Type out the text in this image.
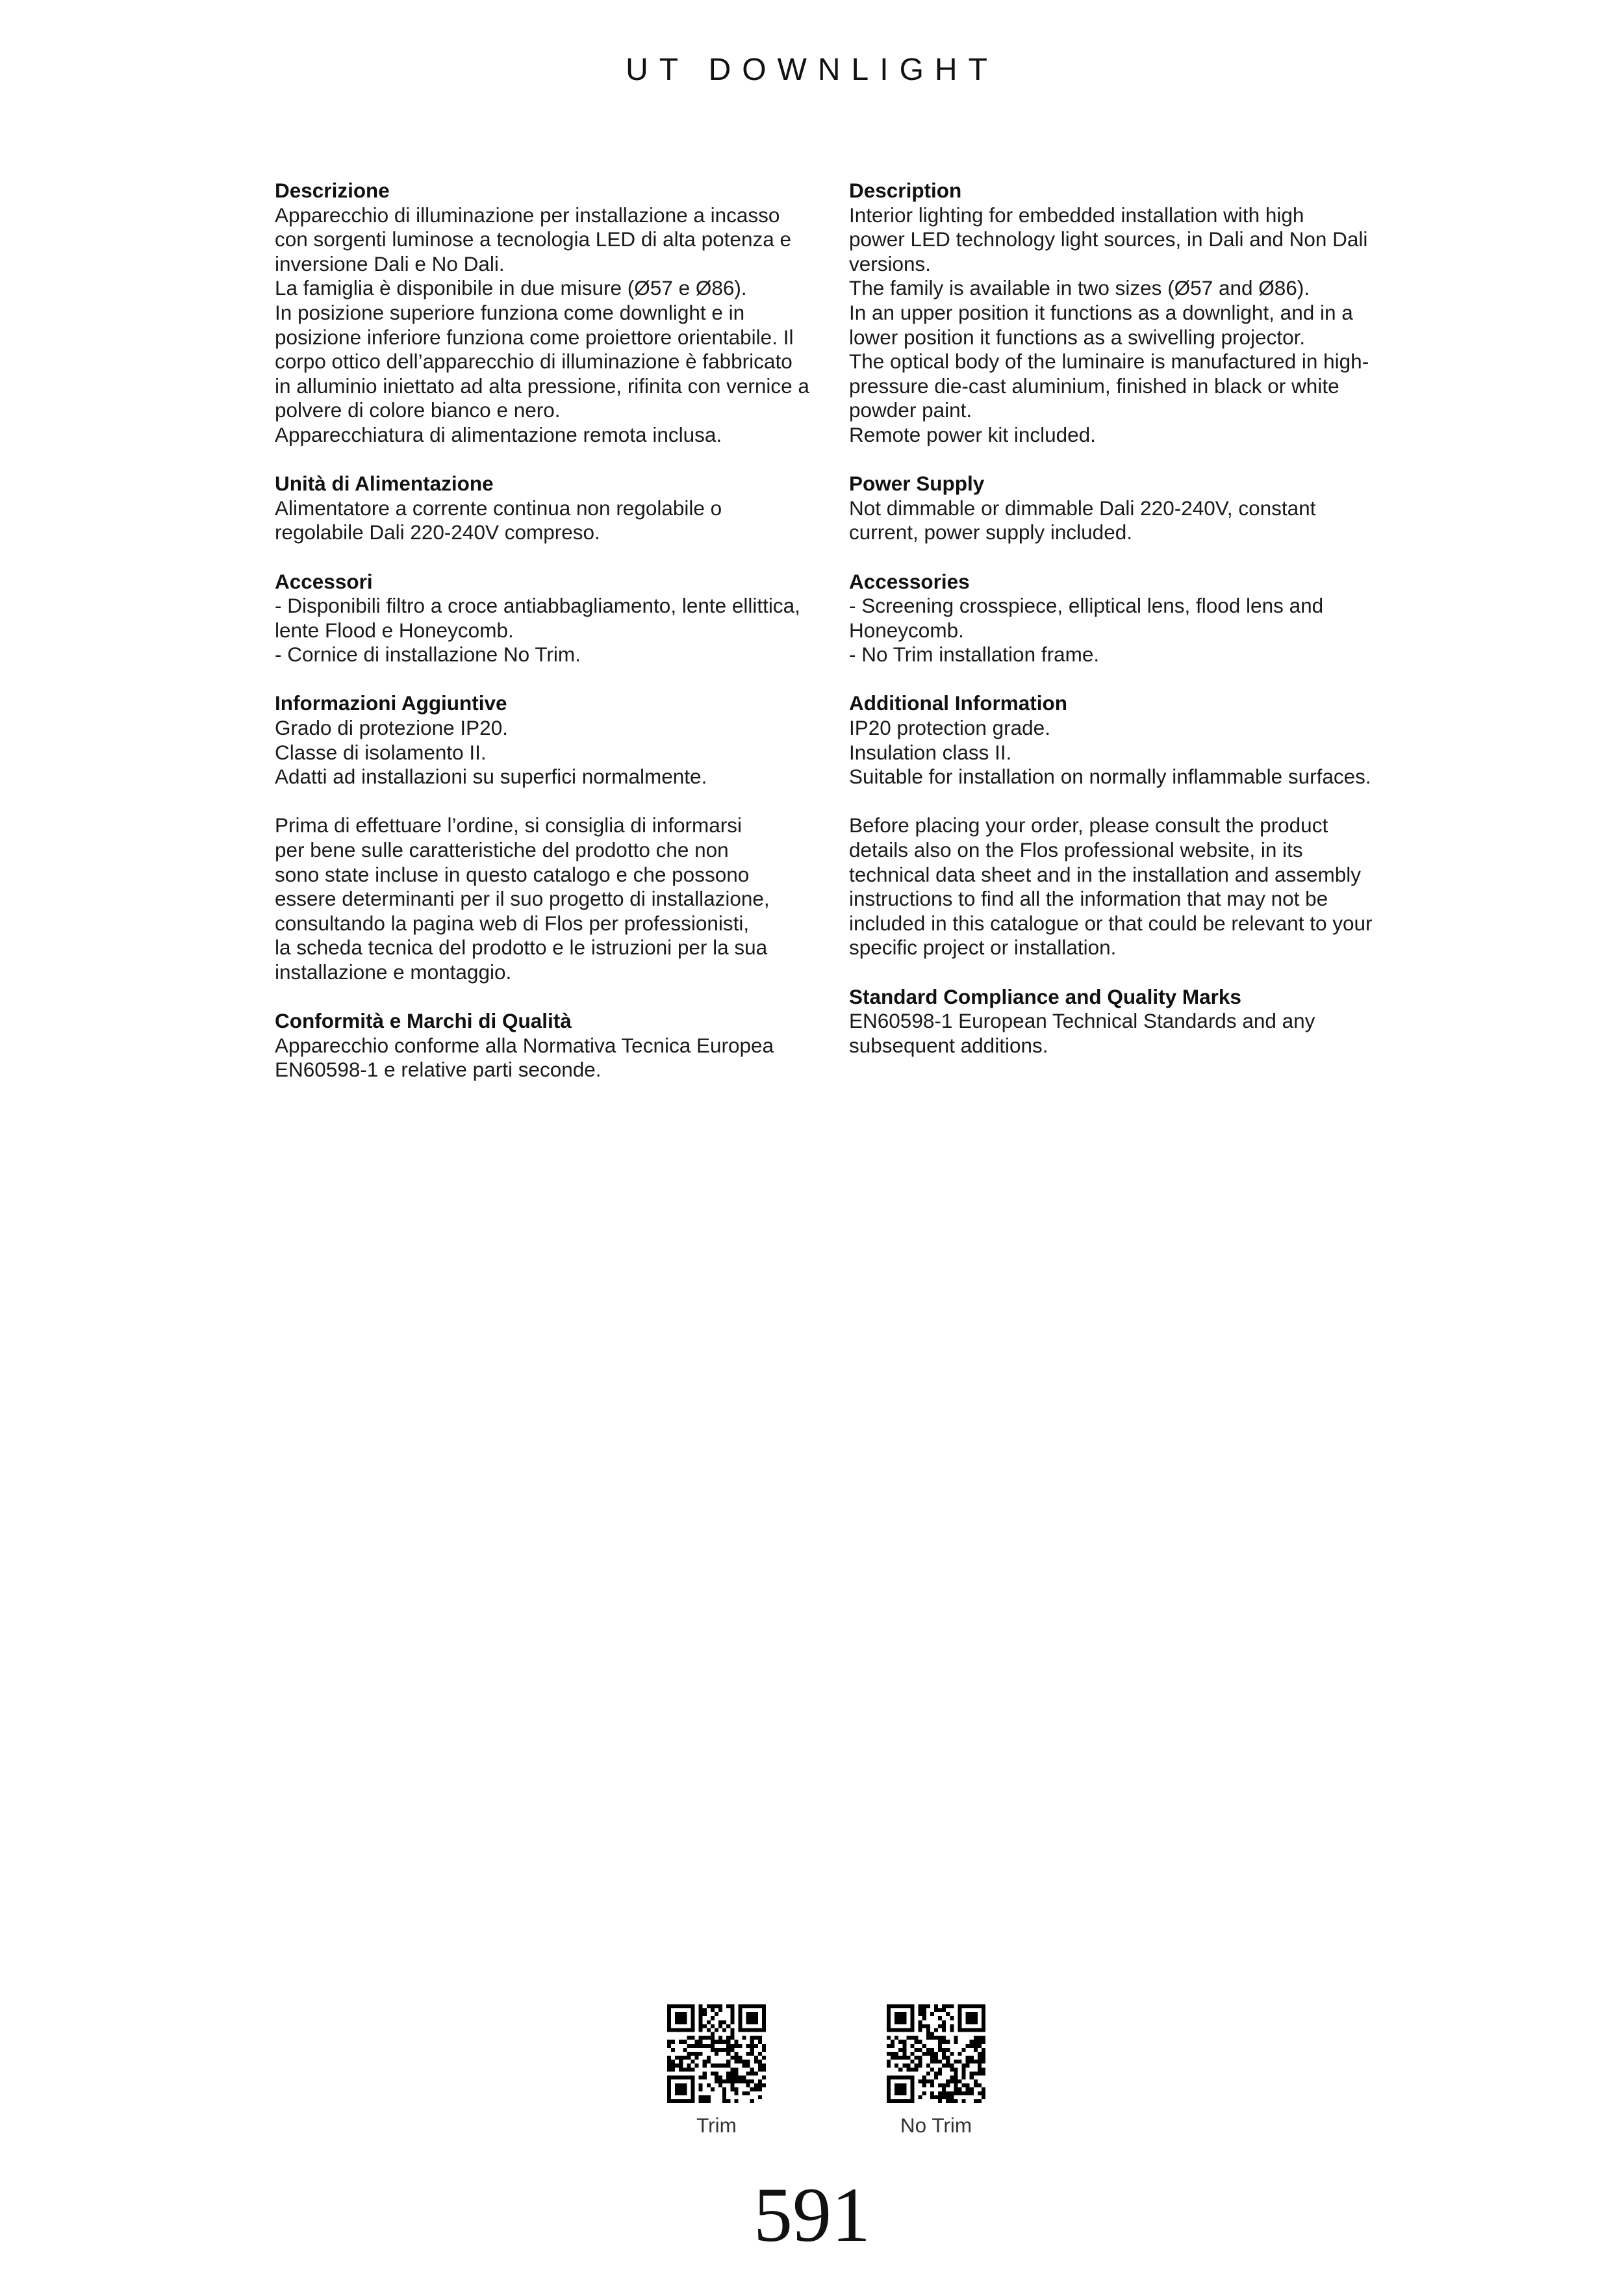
UT DOWNLIGHT
Descrizione
Apparecchio di illuminazione per installazione a incasso
con sorgenti luminose a tecnologia LED di alta potenza e
inversione Dali e No Dali.
La famiglia è disponibile in due misure (Ø57 e Ø86).
In posizione superiore funziona come downlight e in
posizione inferiore funziona come proiettore orientabile. Il
corpo ottico dell’apparecchio di illuminazione è fabbricato
in alluminio iniettato ad alta pressione, rifinita con vernice a
polvere di colore bianco e nero.
Apparecchiatura di alimentazione remota inclusa.
Unità di Alimentazione
Alimentatore a corrente continua non regolabile o
regolabile Dali 220-240V compreso.
Accessori
- Disponibili filtro a croce antiabbagliamento, lente ellittica,
lente Flood e Honeycomb.
- Cornice di installazione No Trim.
Informazioni Aggiuntive
Grado di protezione IP20.
Classe di isolamento II.
Adatti ad installazioni su superfici normalmente.
Prima di effettuare l’ordine, si consiglia di informarsi
per bene sulle caratteristiche del prodotto che non
sono state incluse in questo catalogo e che possono
essere determinanti per il suo progetto di installazione,
consultando la pagina web di Flos per professionisti,
la scheda tecnica del prodotto e le istruzioni per la sua
installazione e montaggio.
Conformità e Marchi di Qualità
Apparecchio conforme alla Normativa Tecnica Europea
EN60598-1 e relative parti seconde.
Description
Interior lighting for embedded installation with high
power LED technology light sources, in Dali and Non Dali
versions.
The family is available in two sizes (Ø57 and Ø86).
In an upper position it functions as a downlight, and in a
lower position it functions as a swivelling projector.
The optical body of the luminaire is manufactured in high-
pressure die-cast aluminium, finished in black or white
powder paint.
Remote power kit included.
Power Supply
Not dimmable or dimmable Dali 220-240V, constant
current, power supply included.
Accessories
- Screening crosspiece, elliptical lens, flood lens and
Honeycomb.
- No Trim installation frame.
Additional Information
IP20 protection grade.
Insulation class II.
Suitable for installation on normally inflammable surfaces.
Before placing your order, please consult the product
details also on the Flos professional website, in its
technical data sheet and in the installation and assembly
instructions to find all the information that may not be
included in this catalogue or that could be relevant to your
specific project or installation.
Standard Compliance and Quality Marks
EN60598-1 European Technical Standards and any
subsequent additions.
Trim	No Trim
591
